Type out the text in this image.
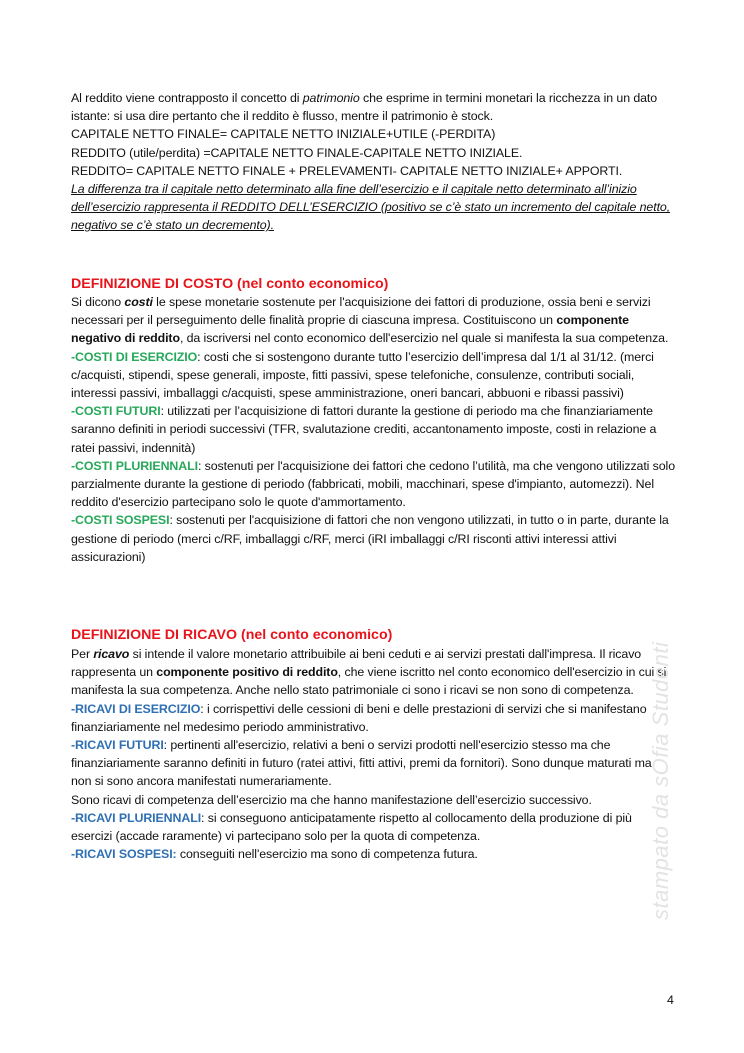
Al reddito viene contrapposto il concetto di patrimonio che esprime in termini monetari la ricchezza in un dato istante: si usa dire pertanto che il reddito è flusso, mentre il patrimonio è stock.

CAPITALE NETTO FINALE= CAPITALE NETTO INIZIALE+UTILE (-PERDITA)

REDDITO (utile/perdita) =CAPITALE NETTO FINALE-CAPITALE NETTO INIZIALE.

REDDITO= CAPITALE NETTO FINALE + PRELEVAMENTI- CAPITALE NETTO INIZIALE+ APPORTI.

La differenza tra il capitale netto determinato alla fine dell’esercizio e il capitale netto determinato all’inizio dell’esercizio rappresenta il REDDITO DELL’ESERCIZIO (positivo se c’è stato un incremento del capitale netto, negativo se c’è stato un decremento).

DEFINIZIONE DI COSTO (nel conto economico)

Si dicono costi le spese monetarie sostenute per l'acquisizione dei fattori di produzione, ossia beni e servizi necessari per il perseguimento delle finalità proprie di ciascuna impresa. Costituiscono un componente negativo di reddito, da iscriversi nel conto economico dell'esercizio nel quale si manifesta la sua competenza.

-COSTI DI ESERCIZIO: costi che si sostengono durante tutto l’esercizio dell’impresa dal 1/1 al 31/12. (merci c/acquisti, stipendi, spese generali, imposte, fitti passivi, spese telefoniche, consulenze, contributi sociali, interessi passivi, imballaggi c/acquisti, spese amministrazione, oneri bancari, abbuoni e ribassi passivi)

-COSTI FUTURI: utilizzati per l’acquisizione di fattori durante la gestione di periodo ma che finanziariamente saranno definiti in periodi successivi (TFR, svalutazione crediti, accantonamento imposte, costi in relazione a ratei passivi, indennità)

-COSTI PLURIENNALI: sostenuti per l'acquisizione dei fattori che cedono l’utilità, ma che vengono utilizzati solo parzialmente durante la gestione di periodo (fabbricati, mobili, macchinari, spese d'impianto, automezzi). Nel reddito d'esercizio partecipano solo le quote d'ammortamento.

-COSTI SOSPESI: sostenuti per l'acquisizione di fattori che non vengono utilizzati, in tutto o in parte, durante la gestione di periodo (merci c/RF, imballaggi c/RF, merci (iRI imballaggi c/RI risconti attivi interessi attivi assicurazioni)

DEFINIZIONE DI RICAVO (nel conto economico)

Per ricavo si intende il valore monetario attribuibile ai beni ceduti e ai servizi prestati dall'impresa. Il ricavo rappresenta un componente positivo di reddito, che viene iscritto nel conto economico dell'esercizio in cui si manifesta la sua competenza. Anche nello stato patrimoniale ci sono i ricavi se non sono di competenza.

-RICAVI DI ESERCIZIO: i corrispettivi delle cessioni di beni e delle prestazioni di servizi che si manifestano finanziariamente nel medesimo periodo amministrativo.

-RICAVI FUTURI: pertinenti all'esercizio, relativi a beni o servizi prodotti nell'esercizio stesso ma che finanziariamente saranno definiti in futuro (ratei attivi, fitti attivi, premi da fornitori). Sono dunque maturati ma non si sono ancora manifestati numerariamente.

Sono ricavi di competenza dell’esercizio ma che hanno manifestazione dell’esercizio successivo.

-RICAVI PLURIENNALI: si conseguono anticipatamente rispetto al collocamento della produzione di più esercizi (accade raramente) vi partecipano solo per la quota di competenza.

-RICAVI SOSPESI: conseguiti nell'esercizio ma sono di competenza futura.	stampato da sOfia Studenti
4
